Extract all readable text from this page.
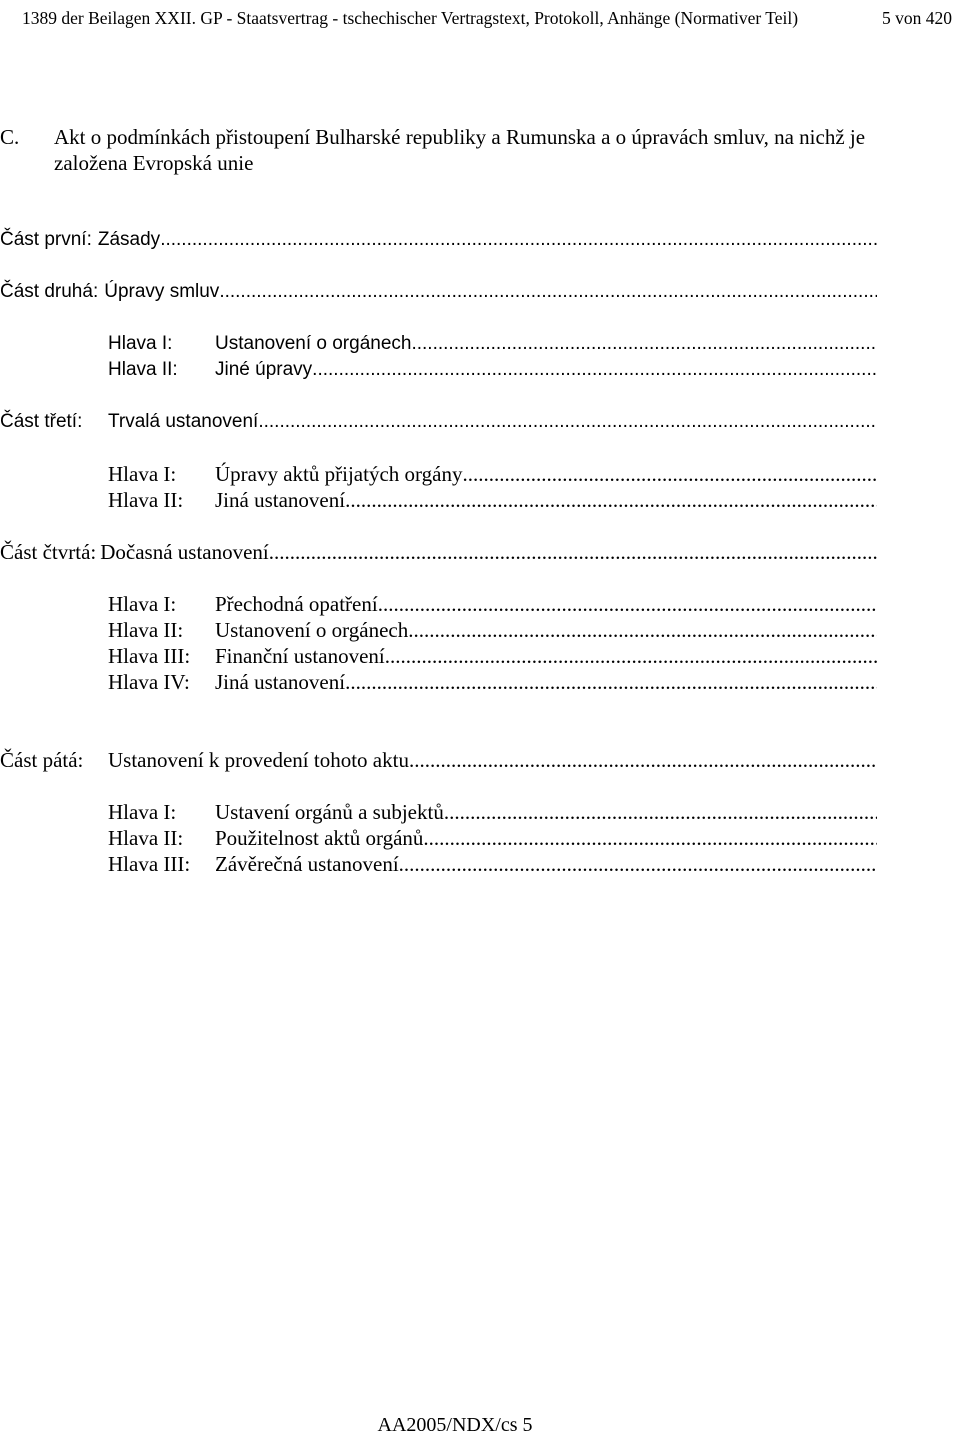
1389 der Beilagen XXII. GP - Staatsvertrag - tschechischer Vertragstext, Protokoll, Anhänge (Normativer Teil)	5 von 420
C. Akt o podmínkách přistoupení Bulharské republiky a Rumunska a o úpravách smluv, na nichž je založena Evropská unie
Část první: Zásady
.....
Část druhá: Úpravy smluv
.....
Hlava I:	Ustanovení o orgánech
.....
Hlava II:	Jiné úpravy
.....
Část třetí:	Trvalá ustanovení
.....
Hlava I:	Úpravy aktů přijatých orgány
.....
Hlava II:	Jiná ustanovení
.....
Část čtvrtá: Dočasná ustanovení
.....
Hlava I:	Přechodná opatření
.....
Hlava II:	Ustanovení o orgánech
.....
Hlava III:	Finanční ustanovení
.....
Hlava IV:	Jiná ustanovení
.....
Část pátá:	Ustanovení k provedení tohoto aktu
.....
Hlava I:	Ustavení orgánů a subjektů
.....
Hlava II:	Použitelnost aktů orgánů
.....
Hlava III:	Závěrečná ustanovení
.....
AA2005/NDX/cs 5
